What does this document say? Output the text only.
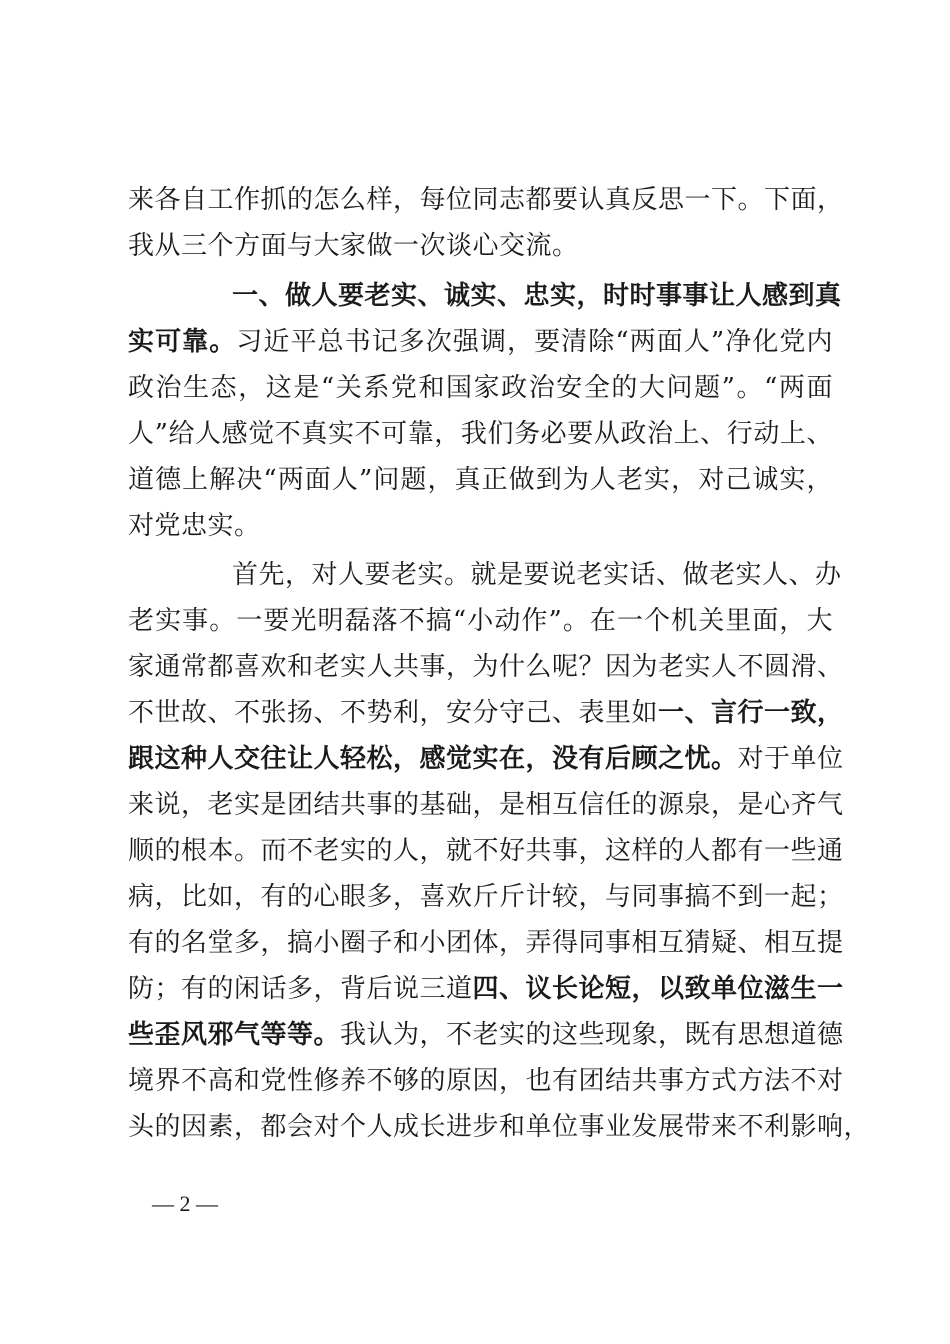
来各自工作抓的怎么样，每位同志都要认真反思一下。下面，
我从三个方面与大家做一次谈心交流。
一、做人要老实、诚实、忠实，时时事事让人感到真
实可靠。习近平总书记多次强调，要清除“两面人”净化党内
政治生态，这是“关系党和国家政治安全的大问题”。“两面
人”给人感觉不真实不可靠，我们务必要从政治上、行动上、
道德上解决“两面人”问题，真正做到为人老实，对己诚实，
对党忠实。
首先，对人要老实。就是要说老实话、做老实人、办
老实事。一要光明磊落不搞“小动作”。在一个机关里面，大
家通常都喜欢和老实人共事，为什么呢？因为老实人不圆滑、
不世故、不张扬、不势利，安分守己、表里如一、言行一致，
跟这种人交往让人轻松，感觉实在，没有后顾之忧。对于单位
来说，老实是团结共事的基础，是相互信任的源泉，是心齐气
顺的根本。而不老实的人，就不好共事，这样的人都有一些通
病，比如，有的心眼多，喜欢斤斤计较，与同事搞不到一起；
有的名堂多，搞小圈子和小团体，弄得同事相互猜疑、相互提
防；有的闲话多，背后说三道四、议长论短，以致单位滋生一
些歪风邪气等等。我认为，不老实的这些现象，既有思想道德
境界不高和党性修养不够的原因，也有团结共事方式方法不对
头的因素，都会对个人成长进步和单位事业发展带来不利影响，
— 2 —
